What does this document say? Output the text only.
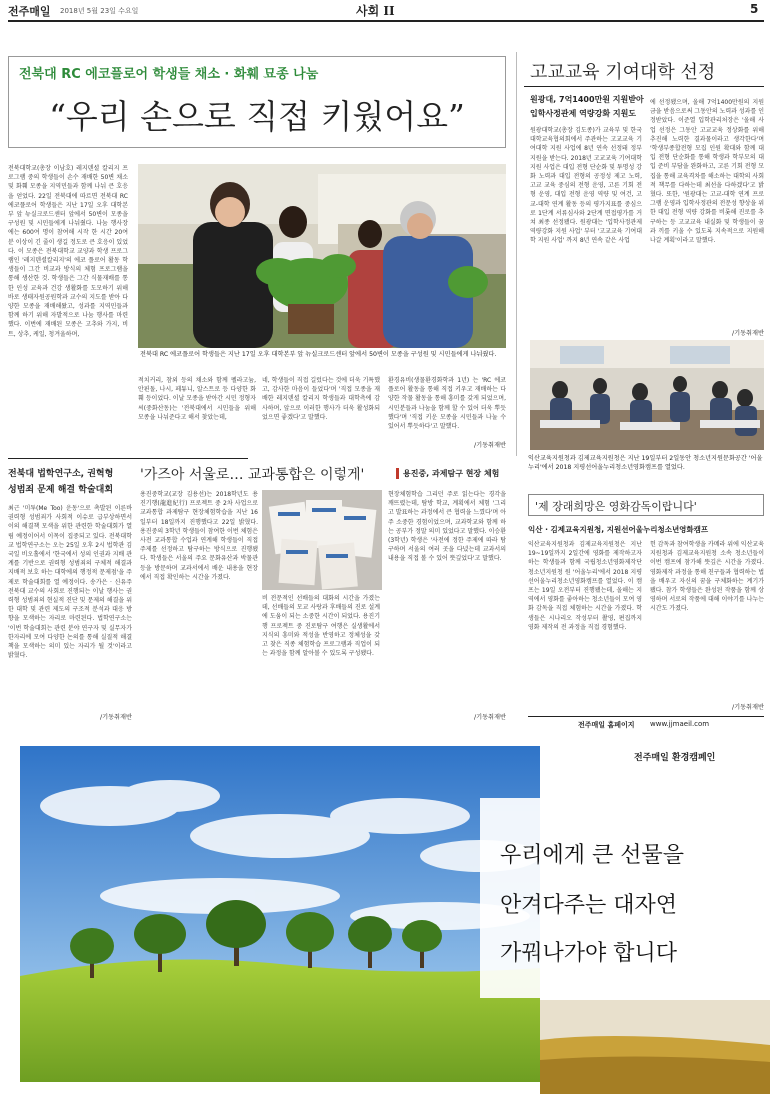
전주매일 2018년 5월 23일 수요일	사회 II	5
전북대 RC 에코플로어 학생들 채소 · 화훼 묘종 나눔
“우리 손으로 직접 키웠어요”
전북대학교(총장 이남호) 레지덴셜 칼리지 프로그램 중의 학생들이 손수 재배한 50변 채소 및 화훼 모종을 지역민들과 함께 나눠 큰 호응을 얻었다. 22일 전북대에 따르면 전북대 RC 에코플로어 학생들은 지난 17일 오후 대학본부 앞 뉴실크로드센터 앞에서 50변이 모종을 구성원 및 시민들에게 나눠줬다. 나눔 행사장에는 600여 명이 참여해 시작 한 시간 20여 분 이상이 긴 줄이 생길 정도로 큰 호응이 있었다. 이 모종은 전북대학교 교양과 학생 프로그램인 '레지덴셜칼리지'의 에코 플로어 활동 학생들이 그간 비교과 방식의 체험 프로그램을 통해 생산한 것. 학생들은 그간 식물재배를 통한 인성 교육과 건강 생활화를 도모하기 위해 바로 생태자원공원학과 교수의 지도를 받아 다양한 모종을 재배해왔고, 성과를 지역민들과 함께 하기 위해 자발적으로 나눔 행사를 마련했다. 이번에 재배된 모종은 고추와 가지, 비트, 상추, 케일, 청겨울하며,
전북대 RC 에코플로어 학생들은 지난 17일 오후 대학본부 앞 뉴실크로드센터 앞에서 50변이 모종을 구성원 및 시민들에게 나눠줬다.
적치커리, 참외 등의 채소와 함께 펠라고늄, 안핀돌, 나시, 페튜니, 알스트로 등 다양한 화훼 등이었다. 이날 모종을 받아간 시민 정형자씨(중화산동)는 '전북대에서 시민들을 위해 모종을 나눠준다고 해서 찾았는데,
네, 학생들이 직접 길렀다는 것에 더욱 기특했고, 감사한 마음이 들었다'며 '직접 모종을 재배한 레지덴셜 칼리지 학생들과 대학측에 감사하며, 앞으로 이러한 행사가 더욱 활성화되었으면 좋겠다'고 말했다.
환경유비(생물환경화학과 1년) 는 'RC 에코플로어 활동을 통해 직접 키우고 재배하는 다양한 작물 활동을 통해 흥미를 갖게 되었으며, 시민분들과 나눔을 함께 할 수 있어 더욱 뿌듯했다'며 '직접 키운 모종을 시민들과 나눌 수 있어서 뿌듯하다'고 말했다.
/기동취재반
고교교육 기여대학 선정
원광대, 7억1400만원 지원받아
입학사정관제 역량강화 지원도
원광대학교(총장 김도종)가 교육부 및 한국대학교육협의회에서 주관하는 고교교육 기여대학 지원 사업에 8년 연속 선정돼 정부 지원을 받는다. 2018년 고교교육 기여대학 지원 사업은 대입 전형 단순화 및 투명성 강화 노력과 대입 전형의 공정성 제고 노력, 고교 교육 중심의 전형 운영, 고른 기회 전형 운영, 대입 전형 운영 역량 및 여건, 고교-대학 연계 활동 등의 평가지표를 중심으로 1단계 서류심사와 2단계 면접평가를 거쳐 최종 선정됐다. 원광대는 '입학사정관제 역량강화 지원 사업' 부터 '고교교육 기여대학 지원 사업' 까지 8년 연속 같은 사업
에 선정됐으며, 올해 7억1400만원의 지원금을 받음으로써 그동안의 노력과 성과를 인정받았다. 이준열 입학관리처장은 '올해 사업 선정은 그동안 고교교육 정상화를 위해 추진해 노력한 결과물이라고 생각한다'며 '학생부종합전형 모집 인원 확대와 함께 대입 전형 단순화를 통해 학생과 학부모의 대입 준비 부담을 완화하고, 고른 기회 전형 모집을 통해 교육격차를 해소하는 대학의 사회적 책무를 다하는데 최선을 다하겠다'고 밝혔다. 또한, '원광대는 고교-대학 연계 프로그램 운영과 입학사정관의 전문성 향상을 위한 대입 전형 역량 강화를 비롯해 진로를 추구하는 등 고교교육 내실화 및 학생들이 꿈과 끼를 키울 수 있도록 지속적으로 지원해 나갈 계획'이라고 말했다.
/기동취재반
익산교육지원청과 김제교육지원청은 지난 19일부터 2일동안 청소년지원문화공간 '어울누리'에서 2018 지평선어울누리청소년영화캠프를 열었다.
전북대 법학연구소, 권혁형
성범죄 문제 해결 학술대회
최근 '미투(Me Too) 운동'으로 촉발된 이른바 권력형 성범죄가 사회적 이슈로 급부상하면서 이의 해결책 모색을 위한 관련한 학술대회가 열림 예정이어서 이목이 집중되고 있다. 전북대학교 법학연구소는 오는 25일 오후 2시 법학관 김국일 비오홀에서 '한국에서 성의 인권과 지배 관계를 기반으로 권력형 성범죄의 구체적 해결과 지배적 보호 하는 대학에의 행정적 문제점'을 주제로 학술대회를 열 예정이다. 송가은 · 신유주 전북대 교수의 사회로 진행되는 이날 행사는 권력형 성범죄의 현실적 진단 및 문제의 해결을 위한 대학 및 관련 제도의 구조적 분석과 대응 방향을 모색하는 자리로 마련된다. 법학연구소는 '이번 학술대회는 관련 분야 연구자 및 실무자가 한자리에 모여 다양한 논의를 통해 실질적 해결책을 모색하는 의미 있는 자리가 될 것'이라고 밝혔다.
/기동취재반
'가즈아 서울로… 교과통합은 이렇게'	용진중, 과제탐구 현장 체험
용진중학교(교장 김용선)는 2018학년도 용진기행(龍進紀行) 프로젝트 중 2차 사업으로 교과통합 과제탐구 현장체험학습을 지난 16일부터 18일까지 진행했다고 22일 밝혔다. 용진중의 3학년 학생들이 참여한 이번 체험은 사전 교과통합 수업과 연계해 학생들이 직접 주제를 선정하고 탐구하는 방식으로 진행됐다. 학생들은 서울의 주요 문화유산과 박물관 등을 방문하며 교과서에서 배운 내용을 현장에서 직접 확인하는 시간을 가졌다.
비 전문적인 선배들의 대화의 시간을 가졌는데, 선배들의 모교 사랑과 후배들의 진로 설계에 도움이 되는 소중한 시간이 되었다. 용진기행 프로젝트 중 진로탐구 여행은 실생활에서 지식의 흥미와 적성을 반영하고 정체성을 갖고 찾은 직종 체험학습 프로그램과 직업이 되는 과정을 함께 알아볼 수 있도록 구성됐다.
현장체험학습 그리던 주로 읽는다는 경각을 깨뜨렸는데, 탐방 학교, 계획에서 체험 '그리고 발표하는 과정에서 큰 협력을 느꼈다'며 아주 소중한 경험이었으며, 교과학교와 함께 하는 공부가 정말 의미 있었다고 말했다. 이승환(3학년) 학생은 '사전에 정한 주제에 따라 탐구하며 서울의 여러 곳을 다녔는데 교과서의 내용을 직접 볼 수 있어 뜻깊었다'고 말했다.
/기동취재반
'제 장래희망은 영화감독이랍니다'
익산 · 김제교육지원청, 지원선어울누리청소년영화캠프
익산교육지원청과 김제교육지원청은 지난 19~19일까지 2일간에 영화를 제작하고자 하는 학생들과 함께 국립청소년영화제작단 청소년지원청 원 '어울누리'에서 2018 지평선어울누리청소년영화캠프를 열었다. 이 캠프는 19일 오전부터 진행됐는데, 올해는 지역에서 영화를 좋아하는 청소년들이 모여 영화 감독을 직접 체험하는 시간을 가졌다. 학생들은 시나리오 작성부터 촬영, 편집까지 영화 제작의 전 과정을 직접 경험했다.
헌 감독과 참여학생을 카메라 위에 익산교육지원청과 김제교육지원청 소속 청소년들이 이번 캠프에 참가해 뜻깊은 시간을 가졌다. 영화제작 과정을 통해 친구들과 협력하는 법을 배우고 자신의 꿈을 구체화하는 계기가 됐다. 참가 학생들은 완성된 작품을 함께 상영하며 서로의 작품에 대해 이야기를 나누는 시간도 가졌다.
/기동취재반
전주매일 홈페이지 www.jjmaeil.com
전주매일 환경캠페인
우리에게 큰 선물을
안겨다주는 대자연
가꿔나가야 합니다
